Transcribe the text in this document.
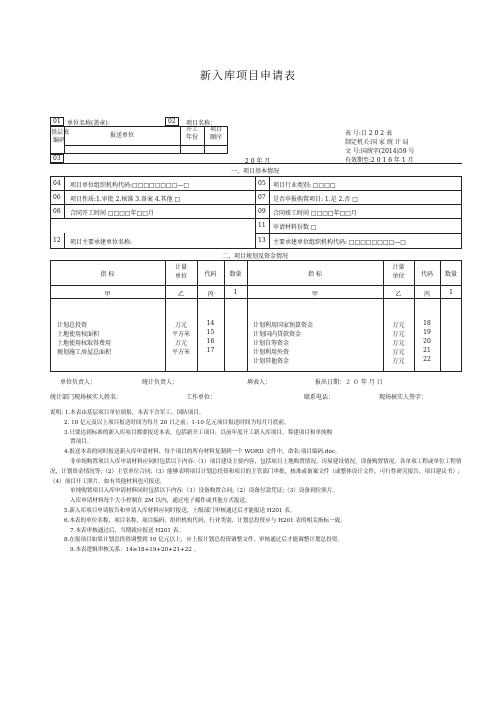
新入库项目申请表
01 单位名称(盖章)：	02 项目名称：
基层表
编码
报送单位
开工
年份
项目
顺序
03	2 0 年 月
表 号:目 2 0 2 表
制定机关:国 家 统 计 局
文 号:国统字(2014)59 号
有效期至:2 0 1 6 年 1 月
一、项目基本情况
04 项目单位组织机构代码:□□□□□□□□—□	05 项目行业类别: □□□□
06 项目性质:1.审批 2.核准 3.备案 4.其他 □	07 是否申报购置项目: 1.是 2.否 □
08 合同开工时间 □□□□年□□月	09 合同竣工时间 □□□□年□□月
11 申请材料份数 □
12 项目主要承建单位名称:	13 主要承建单位组织机构代码: □□□□□□□□—□
二、项目规划及资金情况
指 标
计量
单位	代码	数量	指 标
计量
单位	代码	数量
甲	乙	丙	1	甲	乙	丙	1
计划总投资	万元	14
土地使用权面积	平方米	15
土地使用权取得费用	万元	16
规划施工房屋总面积	平方米	17
计划利用国家预算资金	万元	18
计划国内贷款资金	万元	19
计划自筹资金	万元	20
计划利用外资	万元	21
计划其他资金	万元	22
单位负责人：	统计负责人：	填表人：	报出日期：２ ０ 年 月 日
统计部门现场核实人姓名：	工作单位：	联系电话：	现场核实人签字：

说明: 1.本表由基层项目单位填报，本表不含军工、国防项目。

2. 10 亿元及以上项目报送时间为每月 20 日之前；1-10 亿元项目报送时间为每月月底前。

3.只要达到标准的新入库项目都要报送本表，包括新开工项目、以前年度开工新入库项目、筹建项目和单纯购

置项目。

4.报送本表的同时报送新入库申请材料，每个项目的所有材料复制到一个 WORD 文件中，命名:项目编码.doc。

非单纯购置项目入库申请材料应同时包括以下内容:（1）项目建设主要内容，包括项目土地购置情况、房屋建设情况，设备购置情况、各单项工程或单位工程情况，计划资金情况等;（2）主管单位合同;（3）能够表明项目计划总投资和项目的主管部门审批，核准或备案文件（或整体设计文件、可行性研究报告、项目建议书）;（4）项目开工照片，如有其他材料也可报送。

单纯购置项目入库申请材料同时包括以下内容:（1）设备购置合同;（2）设备付款凭证;（3）设备到位照片。

入库申请材料每个大小控制在 2M 以内，通过电子邮件或其他方式报送。

5.新入库项目申请报告和申请入库材料应同时报送，上级部门审核通过后才能报送 H201 表。

6.本表的单位名称、项目名称、项目编码、组织机构代码、行业类别、计划总投资应与 H201 表的相关指标一致。

7.本表审核通过后，当期就应报送 H201 表。

8.在报项目如果计划总投资调整到 10 亿元以上，应上报计划总投资调整文件，审核通过后才能调整计划总投资。

9.本表逻辑审核关系：14≥18+19+20+21+22 。
